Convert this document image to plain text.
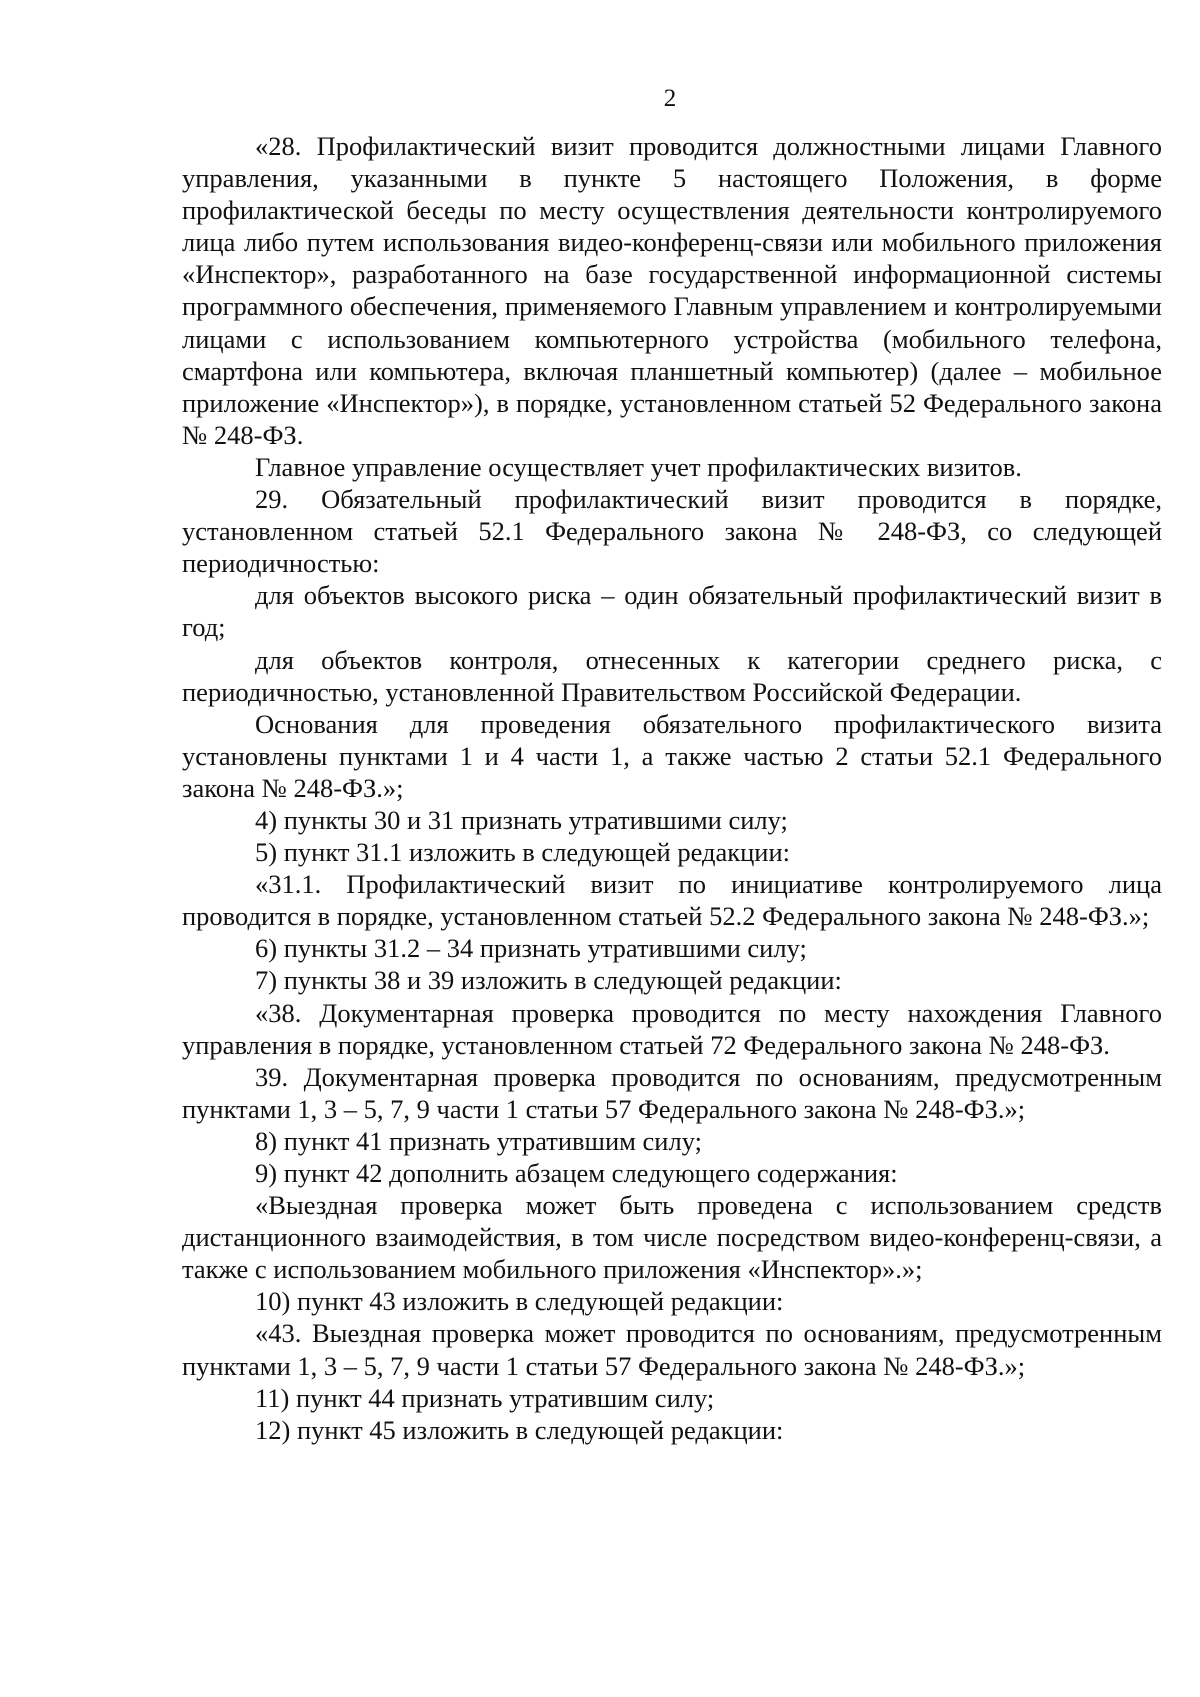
2

«28. Профилактический визит проводится должностными лицами Главного управления, указанными в пункте 5 настоящего Положения, в форме профилактической беседы по месту осуществления деятельности контролируемого лица либо путем использования видео-конференц-связи или мобильного приложения «Инспектор», разработанного на базе государственной информационной системы программного обеспечения, применяемого Главным управлением и контролируемыми лицами с использованием компьютерного устройства (мобильного телефона, смартфона или компьютера, включая планшетный компьютер) (далее – мобильное приложение «Инспектор»), в порядке, установленном статьей 52 Федерального закона № 248-ФЗ.

Главное управление осуществляет учет профилактических визитов.

29. Обязательный профилактический визит проводится в порядке, установленном статьей 52.1 Федерального закона № 248-ФЗ, со следующей периодичностью:

для объектов высокого риска – один обязательный профилактический визит в год;

для объектов контроля, отнесенных к категории среднего риска, с периодичностью, установленной Правительством Российской Федерации.

Основания для проведения обязательного профилактического визита установлены пунктами 1 и 4 части 1, а также частью 2 статьи 52.1 Федерального закона № 248-ФЗ.»;

4) пункты 30 и 31 признать утратившими силу;

5) пункт 31.1 изложить в следующей редакции:

«31.1. Профилактический визит по инициативе контролируемого лица проводится в порядке, установленном статьей 52.2 Федерального закона № 248-ФЗ.»;

6) пункты 31.2 – 34 признать утратившими силу;

7) пункты 38 и 39 изложить в следующей редакции:

«38. Документарная проверка проводится по месту нахождения Главного управления в порядке, установленном статьей 72 Федерального закона № 248-ФЗ.

39. Документарная проверка проводится по основаниям, предусмотренным пунктами 1, 3 – 5, 7, 9 части 1 статьи 57 Федерального закона № 248-ФЗ.»;

8) пункт 41 признать утратившим силу;

9) пункт 42 дополнить абзацем следующего содержания:

«Выездная проверка может быть проведена с использованием средств дистанционного взаимодействия, в том числе посредством видео-конференц-связи, а также с использованием мобильного приложения «Инспектор».»;

10) пункт 43 изложить в следующей редакции:

«43. Выездная проверка может проводится по основаниям, предусмотренным пунктами 1, 3 – 5, 7, 9 части 1 статьи 57 Федерального закона № 248-ФЗ.»;

11) пункт 44 признать утратившим силу;

12) пункт 45 изложить в следующей редакции:
